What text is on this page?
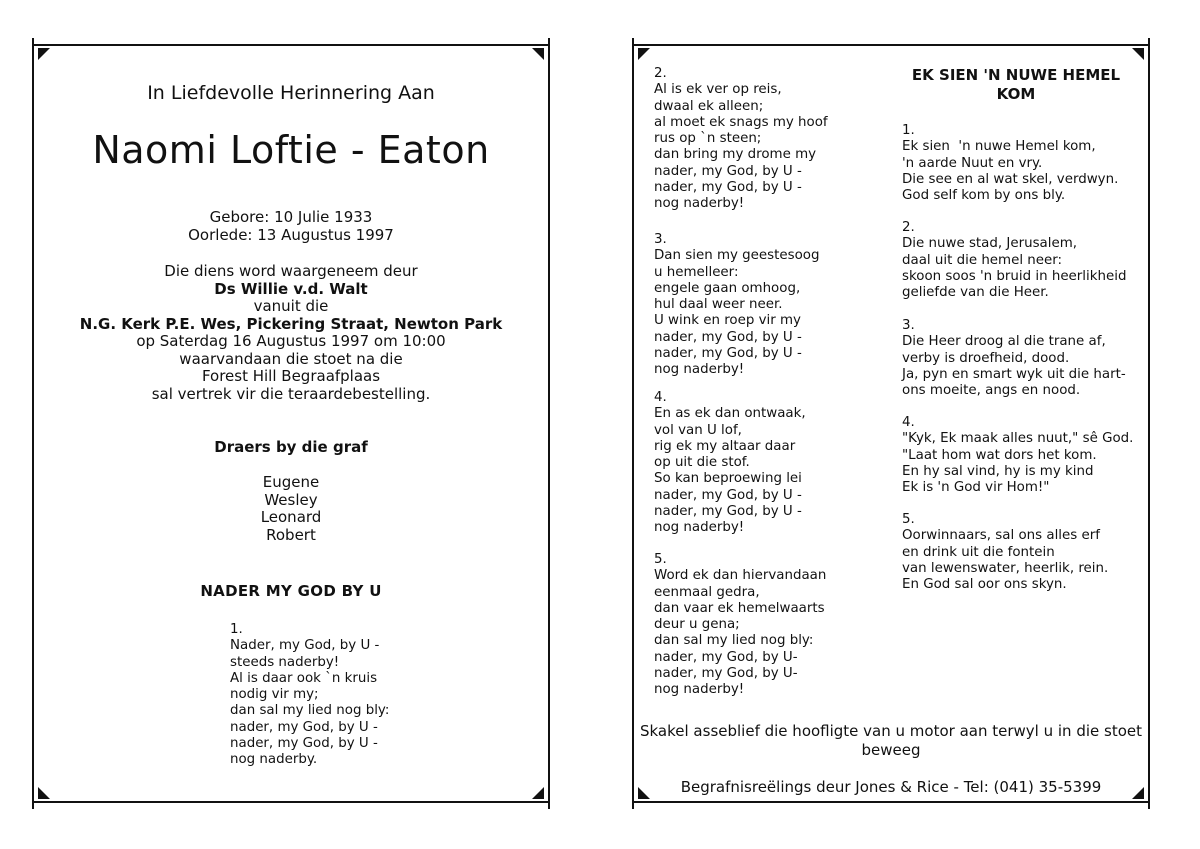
In Liefdevolle Herinnering Aan
Naomi Loftie - Eaton
Gebore: 10 Julie 1933
Oorlede: 13 Augustus 1997
Die diens word waargeneem deur
Ds Willie v.d. Walt
vanuit die
N.G. Kerk P.E. Wes, Pickering Straat, Newton Park
op Saterdag 16 Augustus 1997 om 10:00
waarvandaan die stoet na die
Forest Hill Begraafplaas
sal vertrek vir die teraardebestelling.
Draers by die graf
Eugene
Wesley
Leonard
Robert
NADER MY GOD BY U
1.
Nader, my God, by U -
steeds naderby!
Al is daar ook `n kruis
nodig vir my;
dan sal my lied nog bly:
nader, my God, by U -
nader, my God, by U -
nog naderby.
2.
Al is ek ver op reis,
dwaal ek alleen;
al moet ek snags my hoof
rus op `n steen;
dan bring my drome my
nader, my God, by U -
nader, my God, by U -
nog naderby!
3.
Dan sien my geestesoog
u hemelleer:
engele gaan omhoog,
hul daal weer neer.
U wink en roep vir my
nader, my God, by U -
nader, my God, by U -
nog naderby!
4.
En as ek dan ontwaak,
vol van U lof,
rig ek my altaar daar
op uit die stof.
So kan beproewing lei
nader, my God, by U -
nader, my God, by U -
nog naderby!
5.
Word ek dan hiervandaan
eenmaal gedra,
dan vaar ek hemelwaarts
deur u gena;
dan sal my lied nog bly:
nader, my God, by U-
nader, my God, by U-
nog naderby!
EK SIEN 'N NUWE HEMEL KOM
1.
Ek sien  'n nuwe Hemel kom,
'n aarde Nuut en vry.
Die see en al wat skel, verdwyn.
God self kom by ons bly.
2.
Die nuwe stad, Jerusalem,
daal uit die hemel neer:
skoon soos 'n bruid in heerlikheid
geliefde van die Heer.
3.
Die Heer droog al die trane af,
verby is droefheid, dood.
Ja, pyn en smart wyk uit die hart-
ons moeite, angs en nood.
4.
"Kyk, Ek maak alles nuut," sê God.
"Laat hom wat dors het kom.
En hy sal vind, hy is my kind
Ek is 'n God vir Hom!"
5.
Oorwinnaars, sal ons alles erf
en drink uit die fontein
van lewenswater, heerlik, rein.
En God sal oor ons skyn.
Skakel asseblief die hoofligte van u motor aan terwyl u in die stoet beweeg
Begrafnisreëlings deur Jones & Rice - Tel: (041) 35-5399
